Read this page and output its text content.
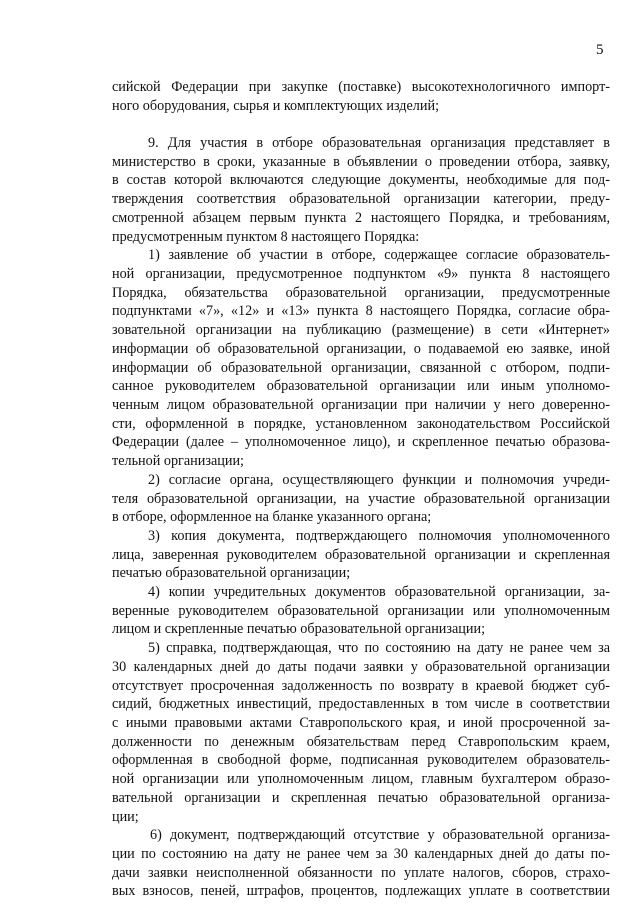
5
сийской Федерации при закупке (поставке) высокотехнологичного импорт-
ного оборудования, сырья и комплектующих изделий;
9. Для участия в отборе образовательная организация представляет в
министерство в сроки, указанные в объявлении о проведении отбора, заявку,
в состав которой включаются следующие документы, необходимые для под-
тверждения соответствия образовательной организации категории, преду-
смотренной абзацем первым пункта 2 настоящего Порядка, и требованиям,
предусмотренным пунктом 8 настоящего Порядка:
1) заявление об участии в отборе, содержащее согласие образователь-
ной организации, предусмотренное подпунктом «9» пункта 8 настоящего
Порядка, обязательства образовательной организации, предусмотренные
подпунктами «7», «12» и «13» пункта 8 настоящего Порядка, согласие обра-
зовательной организации на публикацию (размещение) в сети «Интернет»
информации об образовательной организации, о подаваемой ею заявке, иной
информации об образовательной организации, связанной с отбором, подпи-
санное руководителем образовательной организации или иным уполномо-
ченным лицом образовательной организации при наличии у него доверенно-
сти, оформленной в порядке, установленном законодательством Российской
Федерации (далее – уполномоченное лицо), и скрепленное печатью образова-
тельной организации;
2) согласие органа, осуществляющего функции и полномочия учреди-
теля образовательной организации, на участие образовательной организации
в отборе, оформленное на бланке указанного органа;
3) копия документа, подтверждающего полномочия уполномоченного
лица, заверенная руководителем образовательной организации и скрепленная
печатью образовательной организации;
4) копии учредительных документов образовательной организации, за-
веренные руководителем образовательной организации или уполномоченным
лицом и скрепленные печатью образовательной организации;
5) справка, подтверждающая, что по состоянию на дату не ранее чем за
30 календарных дней до даты подачи заявки у образовательной организации
отсутствует просроченная задолженность по возврату в краевой бюджет суб-
сидий, бюджетных инвестиций, предоставленных в том числе в соответствии
с иными правовыми актами Ставропольского края, и иной просроченной за-
долженности по денежным обязательствам перед Ставропольским краем,
оформленная в свободной форме, подписанная руководителем образователь-
ной организации или уполномоченным лицом, главным бухгалтером образо-
вательной организации и скрепленная печатью образовательной организа-
ции;
6) документ, подтверждающий отсутствие у образовательной организа-
ции по состоянию на дату не ранее чем за 30 календарных дней до даты по-
дачи заявки неисполненной обязанности по уплате налогов, сборов, страхо-
вых взносов, пеней, штрафов, процентов, подлежащих уплате в соответствии
